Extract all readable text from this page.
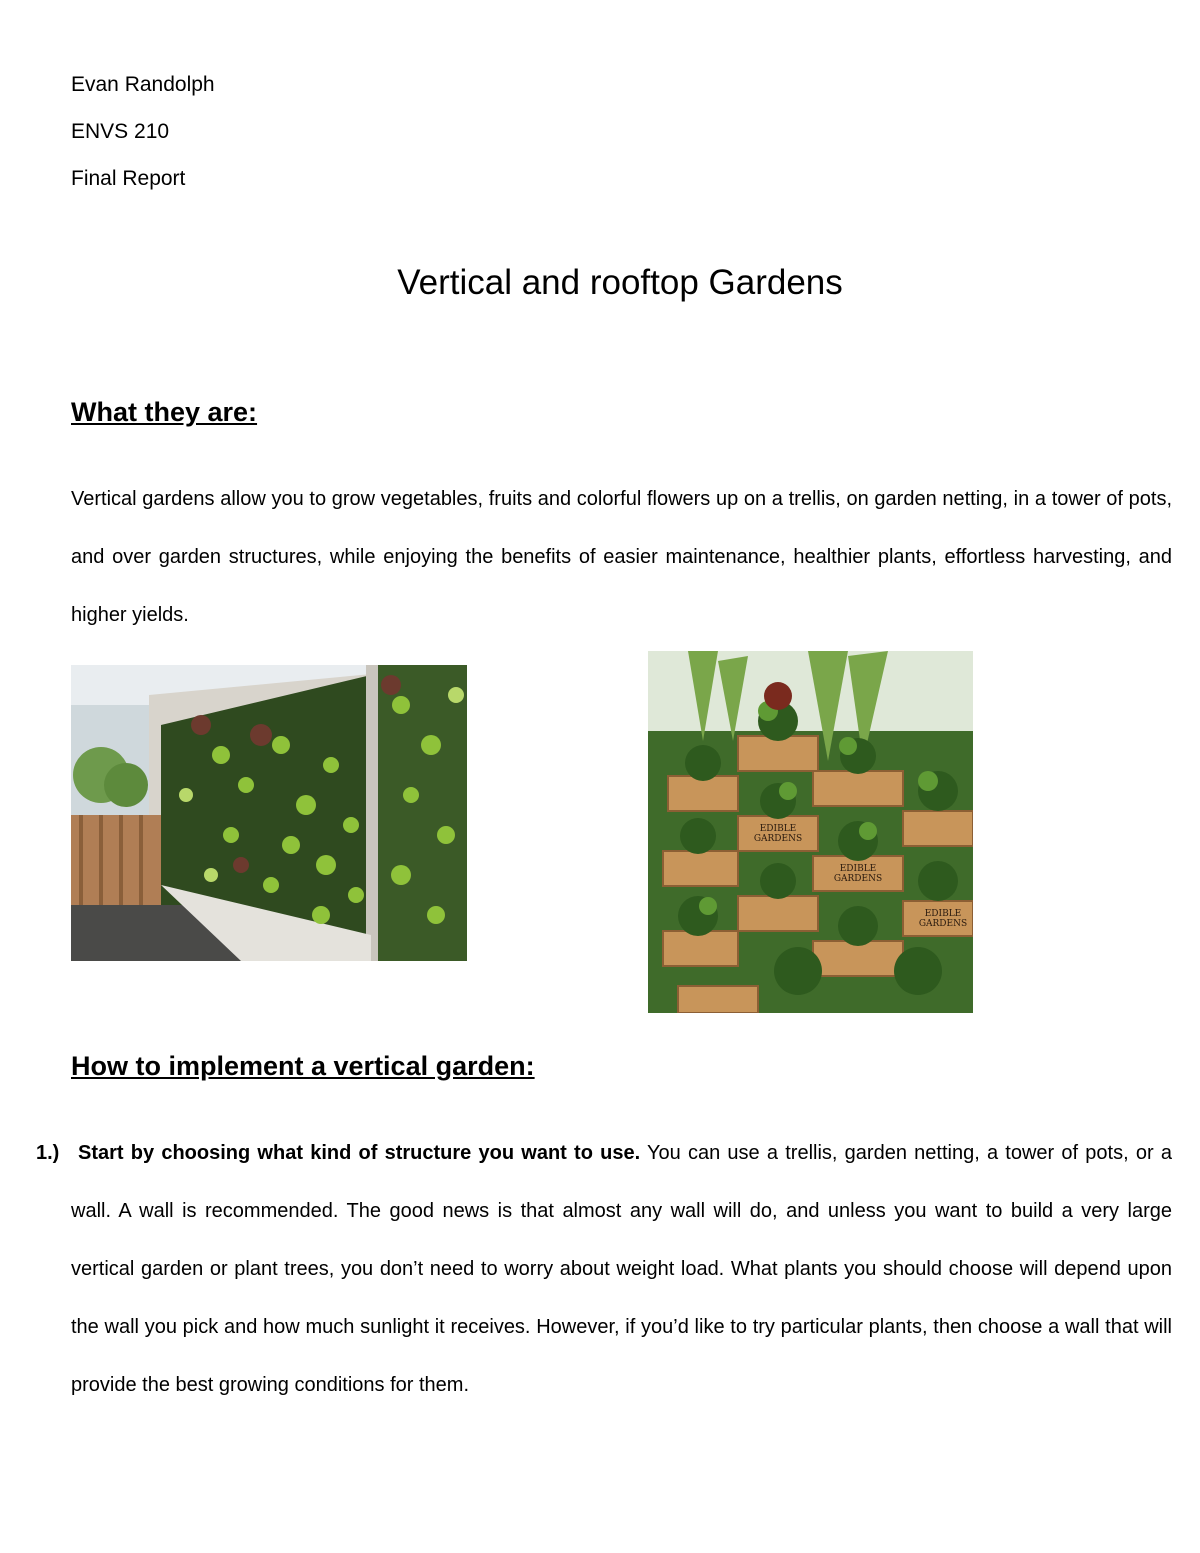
Evan Randolph
ENVS 210
Final Report
Vertical and rooftop Gardens
What they are:
Vertical gardens allow you to grow vegetables, fruits and colorful flowers up on a trellis, on garden netting, in a tower of pots, and over garden structures, while enjoying the benefits of easier maintenance, healthier plants, effortless harvesting, and higher yields.
EDIBLE
GARDENS
EDIBLE
GARDENS
EDIBLE
GARDENS
How to implement a vertical garden:
1.) Start by choosing what kind of structure you want to use. You can use a trellis, garden netting, a tower of pots, or a wall. A wall is recommended. The good news is that almost any wall will do, and unless you want to build a very large vertical garden or plant trees, you don’t need to worry about weight load. What plants you should choose will depend upon the wall you pick and how much sunlight it receives. However, if you’d like to try particular plants, then choose a wall that will provide the best growing conditions for them.
